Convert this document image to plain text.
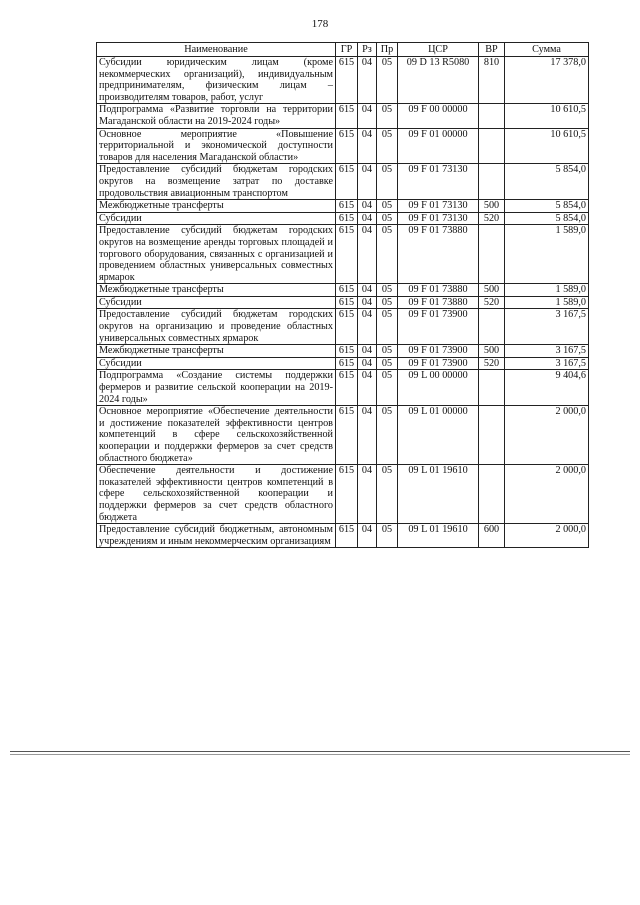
178
Наименование	ГР	Рз	Пр	ЦСР	ВР	Сумма
Субсидии юридическим лицам (кроме некоммерческих организаций), индивидуальным предпринимателям, физическим лицам – производителям товаров, работ, услуг	615	04	05	09 D 13 R5080	810	17 378,0
Подпрограмма «Развитие торговли на территории Магаданской области на 2019-2024 годы»	615	04	05	09 F 00 00000		10 610,5
Основное мероприятие «Повышение территориальной и экономической доступности товаров для населения Магаданской области»	615	04	05	09 F 01 00000		10 610,5
Предоставление субсидий бюджетам городских округов на возмещение затрат по доставке продовольствия авиационным транспортом	615	04	05	09 F 01 73130		5 854,0
Межбюджетные трансферты	615	04	05	09 F 01 73130	500	5 854,0
Субсидии	615	04	05	09 F 01 73130	520	5 854,0
Предоставление субсидий бюджетам городских округов на возмещение аренды торговых площадей и торгового оборудования, связанных с организацией и проведением областных универсальных совместных ярмарок	615	04	05	09 F 01 73880		1 589,0
Межбюджетные трансферты	615	04	05	09 F 01 73880	500	1 589,0
Субсидии	615	04	05	09 F 01 73880	520	1 589,0
Предоставление субсидий бюджетам городских округов на организацию и проведение областных универсальных совместных ярмарок	615	04	05	09 F 01 73900		3 167,5
Межбюджетные трансферты	615	04	05	09 F 01 73900	500	3 167,5
Субсидии	615	04	05	09 F 01 73900	520	3 167,5
Подпрограмма «Создание системы поддержки фермеров и развитие сельской кооперации на 2019-2024 годы»	615	04	05	09 L 00 00000		9 404,6
Основное мероприятие «Обеспечение деятельности и достижение показателей эффективности центров компетенций в сфере сельскохозяйственной кооперации и поддержки фермеров за счет средств областного бюджета»	615	04	05	09 L 01 00000		2 000,0
Обеспечение деятельности и достижение показателей эффективности центров компетенций в сфере сельскохозяйственной кооперации и поддержки фермеров за счет средств областного бюджета	615	04	05	09 L 01 19610		2 000,0
Предоставление субсидий бюджетным, автономным учреждениям и иным некоммерческим организациям	615	04	05	09 L 01 19610	600	2 000,0
